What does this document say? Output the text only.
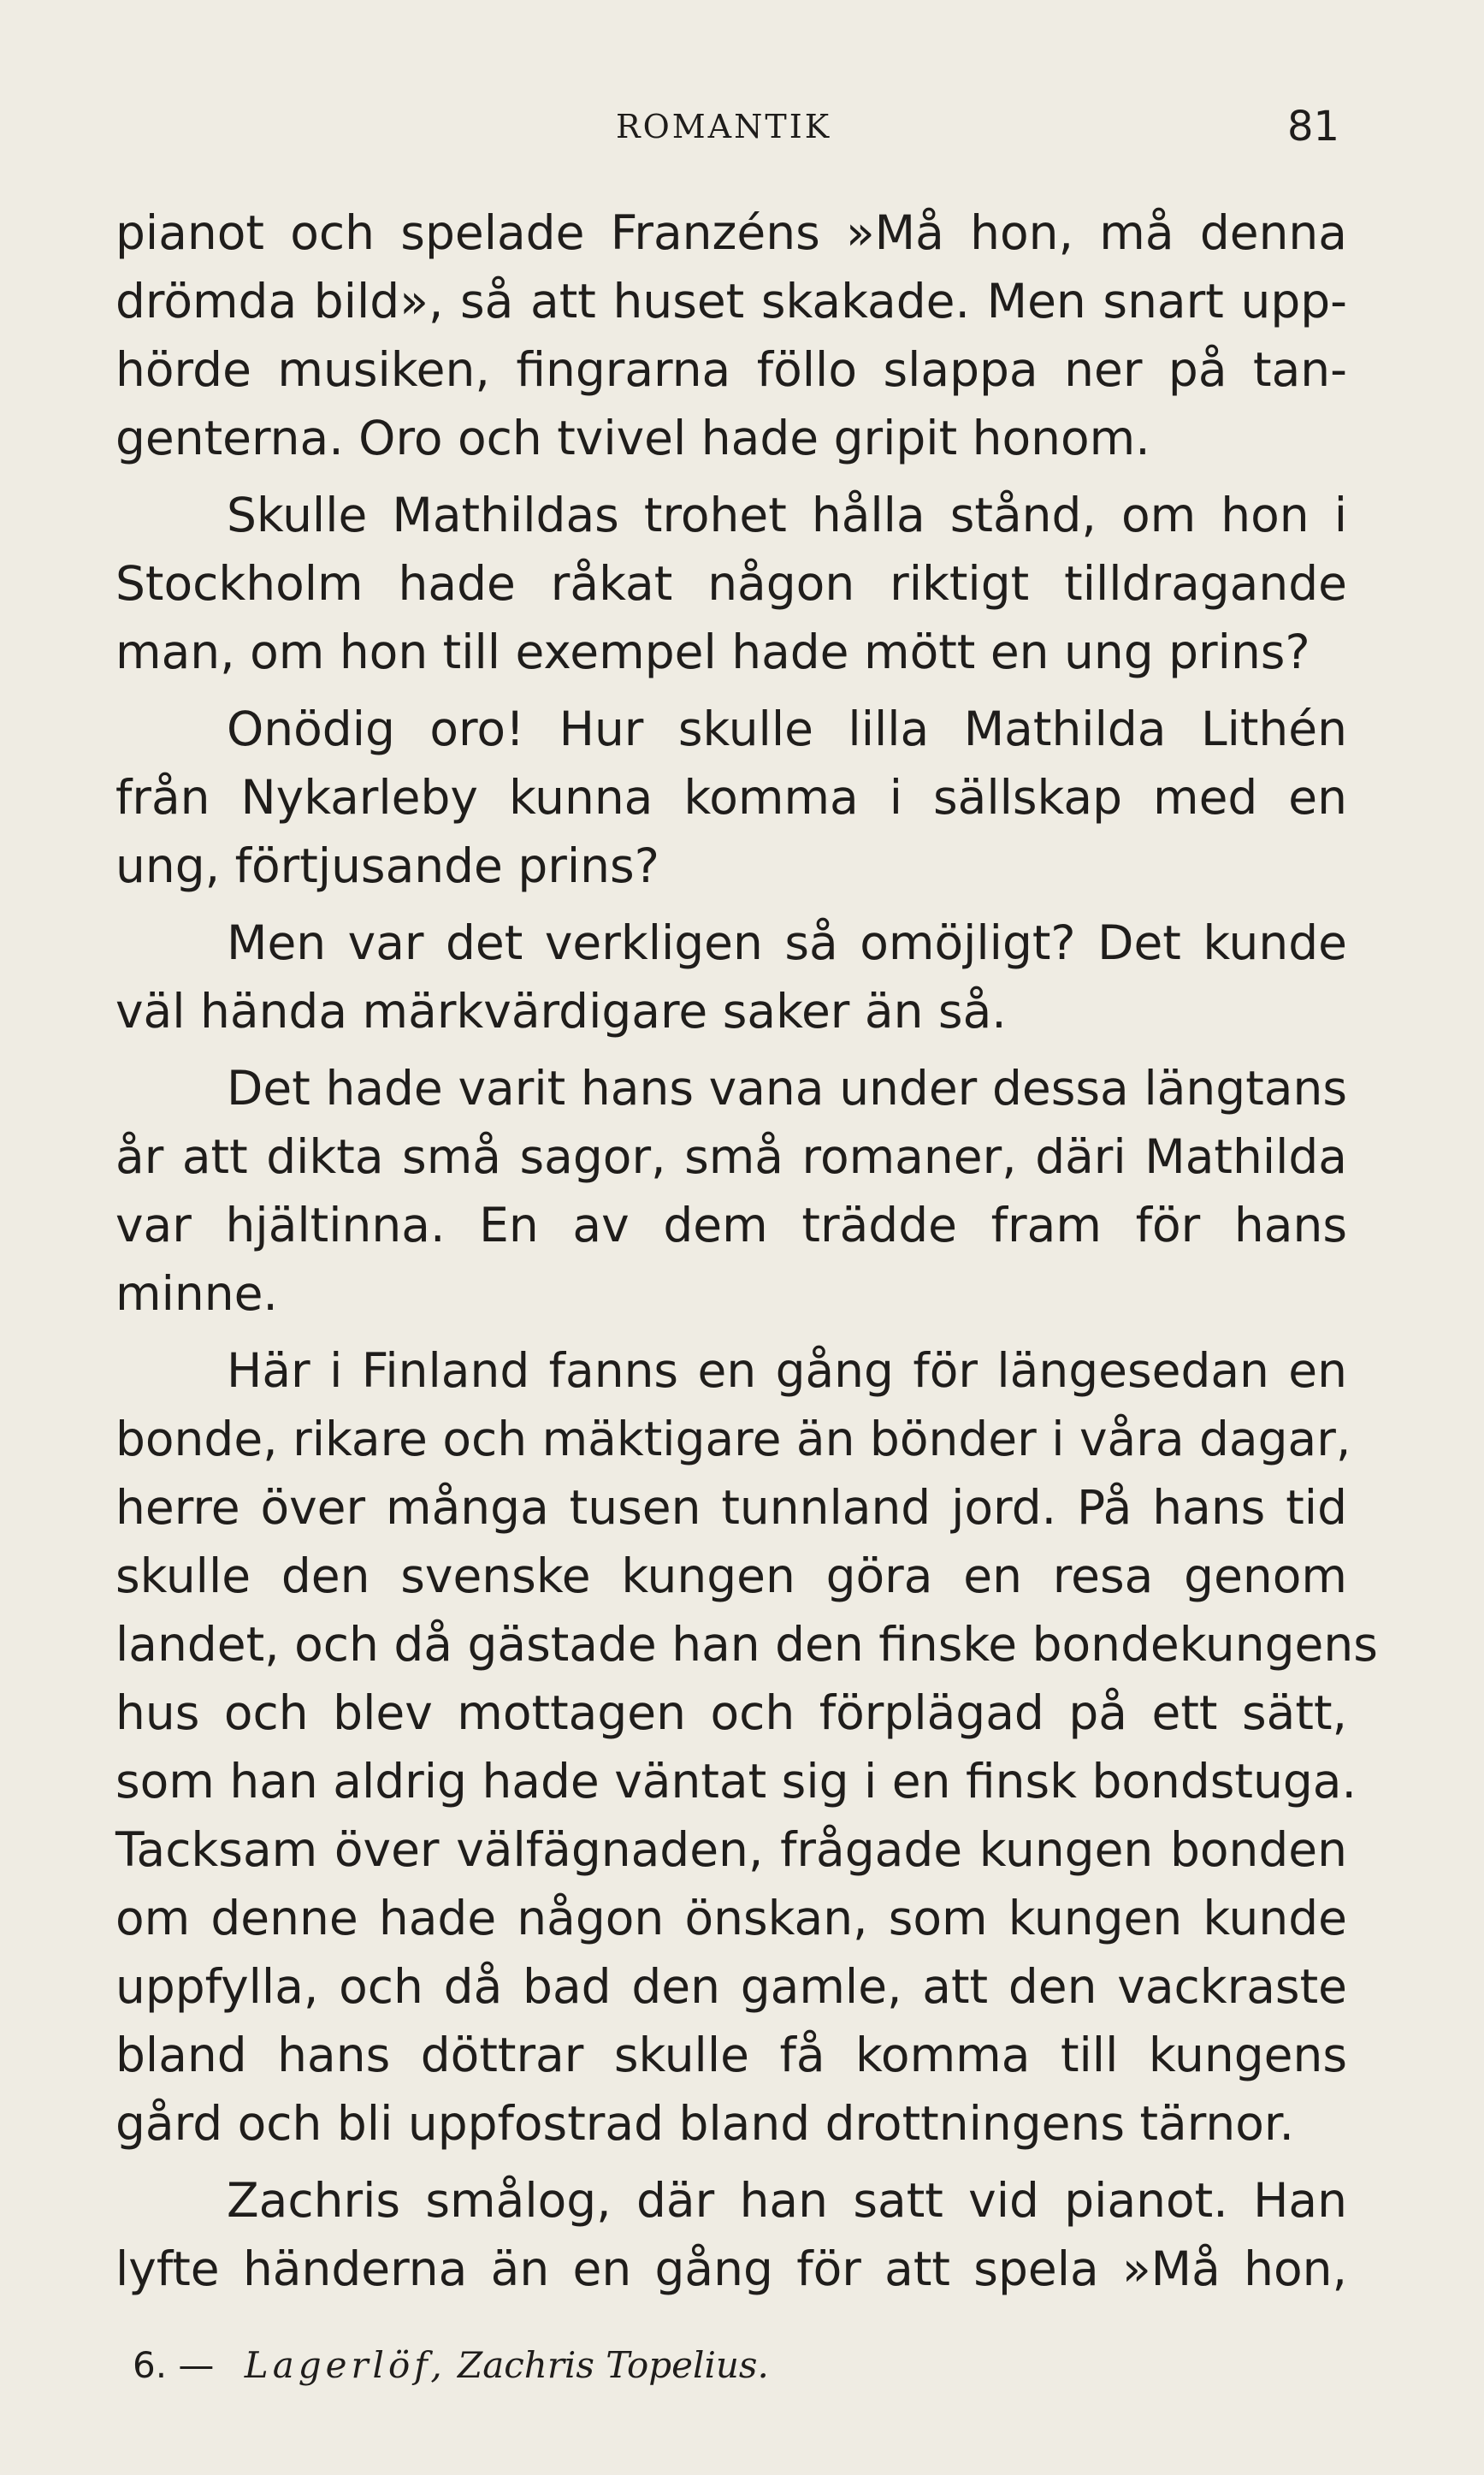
ROMANTIK	81
pianot och spelade Franzéns »Må hon, må denna
drömda bild», så att huset skakade. Men snart upp-
hörde musiken, fingrarna föllo slappa ner på tan-
genterna. Oro och tvivel hade gripit honom.
Skulle Mathildas trohet hålla stånd, om hon i
Stockholm hade råkat någon riktigt tilldragande
man, om hon till exempel hade mött en ung prins?
Onödig oro! Hur skulle lilla Mathilda Lithén
från Nykarleby kunna komma i sällskap med en
ung, förtjusande prins?
Men var det verkligen så omöjligt? Det kunde
väl hända märkvärdigare saker än så.
Det hade varit hans vana under dessa längtans
år att dikta små sagor, små romaner, däri Mathilda
var hjältinna. En av dem trädde fram för hans
minne.
Här i Finland fanns en gång för längesedan en
bonde, rikare och mäktigare än bönder i våra dagar,
herre över många tusen tunnland jord. På hans tid
skulle den svenske kungen göra en resa genom
landet, och då gästade han den finske bondekungens
hus och blev mottagen och förplägad på ett sätt,
som han aldrig hade väntat sig i en finsk bondstuga.
Tacksam över välfägnaden, frågade kungen bonden
om denne hade någon önskan, som kungen kunde
uppfylla, och då bad den gamle, att den vackraste
bland hans döttrar skulle få komma till kungens
gård och bli uppfostrad bland drottningens tärnor.
Zachris smålog, där han satt vid pianot. Han
lyfte händerna än en gång för att spela »Må hon,
6. — Lagerlöf, Zachris Topelius.
